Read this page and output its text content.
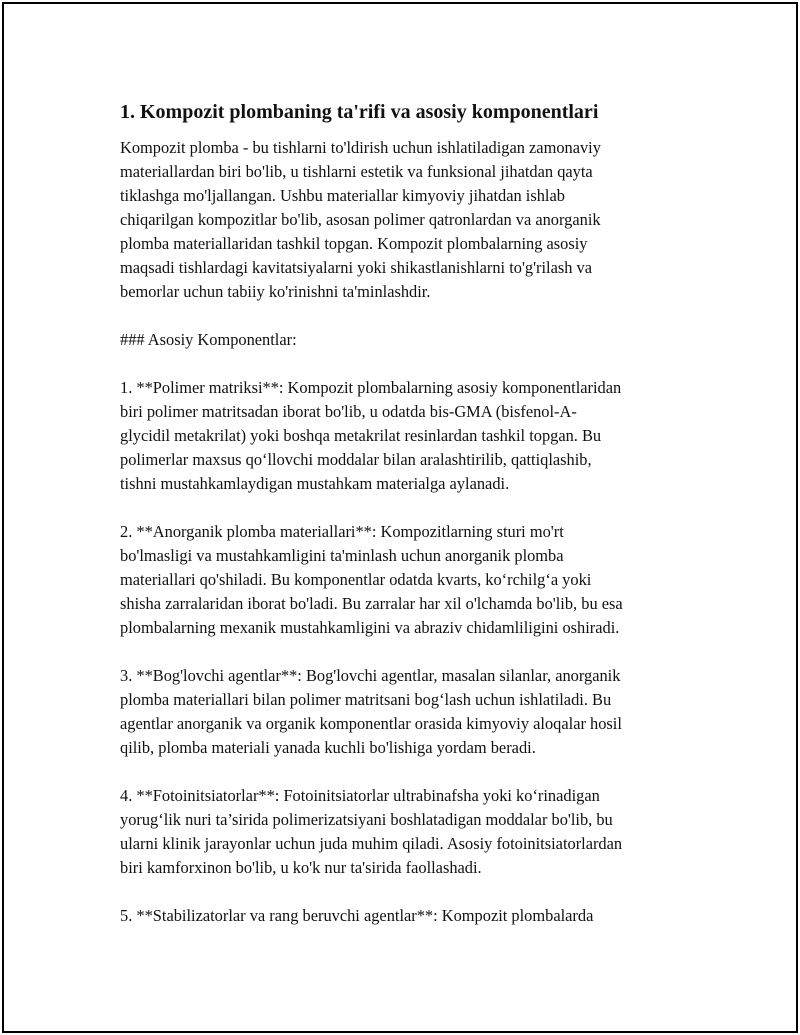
1. Kompozit plombaning ta'rifi va asosiy komponentlari

Kompozit plomba - bu tishlarni to'ldirish uchun ishlatiladigan zamonaviy
materiallardan biri bo'lib, u tishlarni estetik va funksional jihatdan qayta
tiklashga mo'ljallangan. Ushbu materiallar kimyoviy jihatdan ishlab
chiqarilgan kompozitlar bo'lib, asosan polimer qatronlardan va anorganik
plomba materiallaridan tashkil topgan. Kompozit plombalarning asosiy
maqsadi tishlardagi kavitatsiyalarni yoki shikastlanishlarni to'g'rilash va
bemorlar uchun tabiiy ko'rinishni ta'minlashdir.

### Asosiy Komponentlar:

1. **Polimer matriksi**: Kompozit plombalarning asosiy komponentlaridan
biri polimer matritsadan iborat bo'lib, u odatda bis-GMA (bisfenol-A-
glycidil metakrilat) yoki boshqa metakrilat resinlardan tashkil topgan. Bu
polimerlar maxsus qo‘llovchi moddalar bilan aralashtirilib, qattiqlashib,
tishni mustahkamlaydigan mustahkam materialga aylanadi.

2. **Anorganik plomba materiallari**: Kompozitlarning sturi mo'rt
bo'lmasligi va mustahkamligini ta'minlash uchun anorganik plomba
materiallari qo'shiladi. Bu komponentlar odatda kvarts, ko‘rchilg‘a yoki
shisha zarralaridan iborat bo'ladi. Bu zarralar har xil o'lchamda bo'lib, bu esa
plombalarning mexanik mustahkamligini va abraziv chidamliligini oshiradi.

3. **Bog'lovchi agentlar**: Bog'lovchi agentlar, masalan silanlar, anorganik
plomba materiallari bilan polimer matritsani bog‘lash uchun ishlatiladi. Bu
agentlar anorganik va organik komponentlar orasida kimyoviy aloqalar hosil
qilib, plomba materiali yanada kuchli bo'lishiga yordam beradi.

4. **Fotoinitsiatorlar**: Fotoinitsiatorlar ultrabinafsha yoki ko‘rinadigan
yorug‘lik nuri ta’sirida polimerizatsiyani boshlatadigan moddalar bo'lib, bu
ularni klinik jarayonlar uchun juda muhim qiladi. Asosiy fotoinitsiatorlardan
biri kamforxinon bo'lib, u ko'k nur ta'sirida faollashadi.

5. **Stabilizatorlar va rang beruvchi agentlar**: Kompozit plombalarda
